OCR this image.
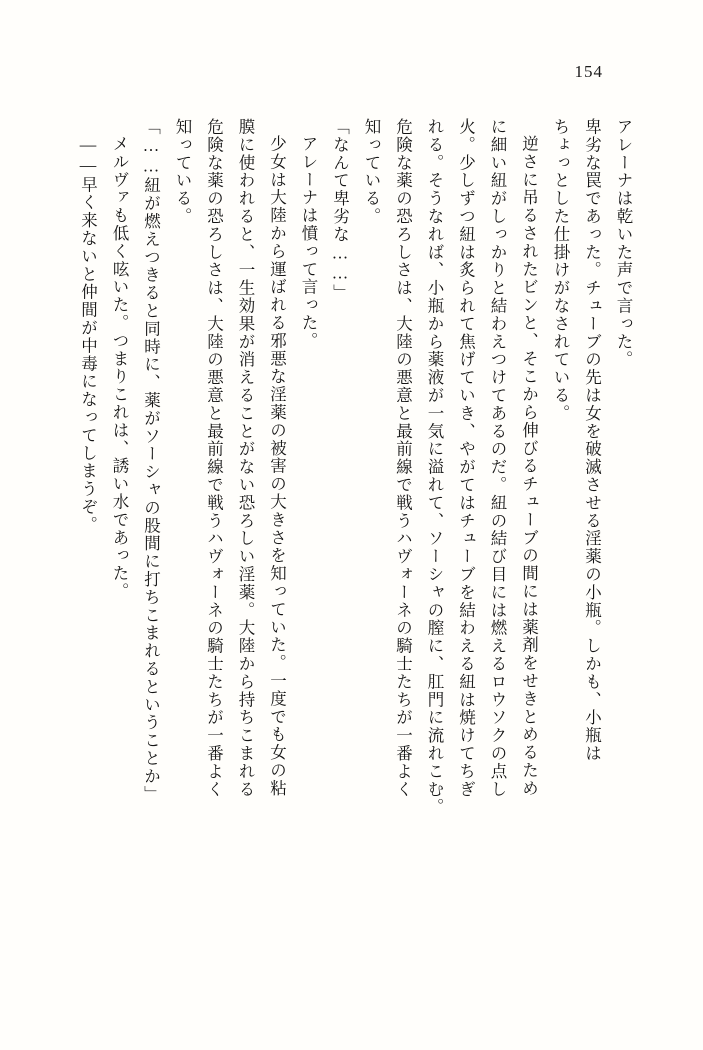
154

アレーナは乾いた声で言った。

卑劣な罠であった。チューブの先は女を破滅させる淫薬の小瓶。しかも、小瓶は

ちょっとした仕掛けがなされている。

逆さに吊るされたビンと、そこから伸びるチューブの間には薬剤をせきとめるため

に細い紐がしっかりと結わえつけてあるのだ。紐の結び目には燃えるロウソクの点し

火。少しずつ紐は炙られて焦げていき、やがてはチューブを結わえる紐は焼けてちぎ

れる。そうなれば、小瓶から薬液が一気に溢れて、ソーシャの膣に、肛門に流れこむ。

危険な薬の恐ろしさは、大陸の悪意と最前線で戦うハヴォーネの騎士たちが一番よく

知っている。

「なんて卑劣な……」

アレーナは憤って言った。

少女は大陸から運ばれる邪悪な淫薬の被害の大きさを知っていた。一度でも女の粘

膜に使われると、一生効果が消えることがない恐ろしい淫薬。大陸から持ちこまれる

危険な薬の恐ろしさは、大陸の悪意と最前線で戦うハヴォーネの騎士たちが一番よく

知っている。

「……紐が燃えつきると同時に、薬がソーシャの股間に打ちこまれるということか」

メルヴァも低く呟いた。つまりこれは、誘い水であった。

——早く来ないと仲間が中毒になってしまうぞ。
